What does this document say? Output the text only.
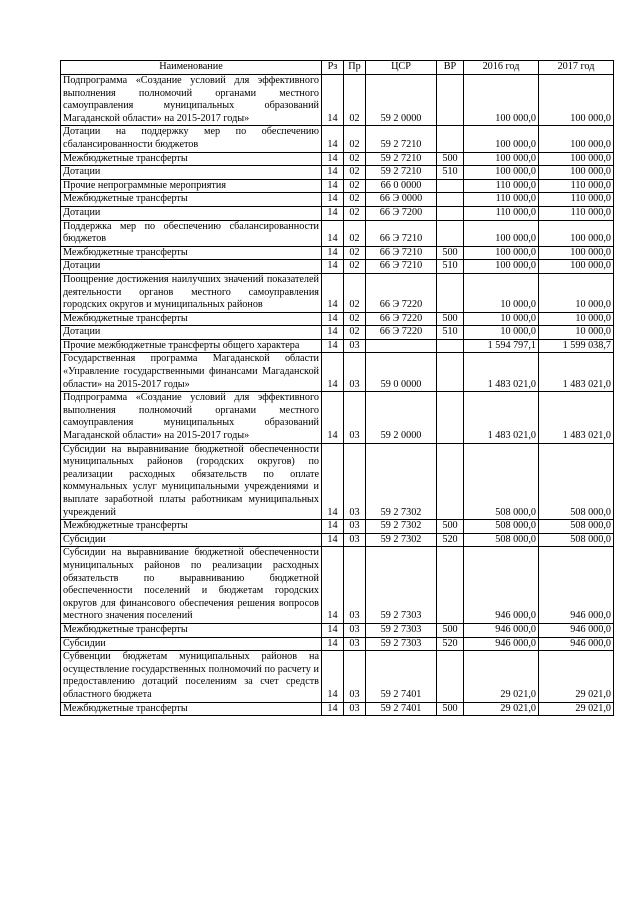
Наименование	Рз	Пр	ЦСР	ВР	2016 год	2017 год
Подпрограмма «Создание условий для эффективного выполнения полномочий органами местного самоуправления муниципальных образований Магаданской области» на 2015-2017 годы»	14	02	59 2 0000		100 000,0	100 000,0
Дотации на поддержку мер по обеспечению сбалансированности бюджетов	14	02	59 2 7210		100 000,0	100 000,0
Межбюджетные трансферты	14	02	59 2 7210	500	100 000,0	100 000,0
Дотации	14	02	59 2 7210	510	100 000,0	100 000,0
Прочие непрограммные мероприятия	14	02	66 0 0000		110 000,0	110 000,0
Межбюджетные трансферты	14	02	66 Э 0000		110 000,0	110 000,0
Дотации	14	02	66 Э 7200		110 000,0	110 000,0
Поддержка мер по обеспечению сбалансированности бюджетов	14	02	66 Э 7210		100 000,0	100 000,0
Межбюджетные трансферты	14	02	66 Э 7210	500	100 000,0	100 000,0
Дотации	14	02	66 Э 7210	510	100 000,0	100 000,0
Поощрение достижения наилучших значений показателей деятельности органов местного самоуправления городских округов и муниципальных районов	14	02	66 Э 7220		10 000,0	10 000,0
Межбюджетные трансферты	14	02	66 Э 7220	500	10 000,0	10 000,0
Дотации	14	02	66 Э 7220	510	10 000,0	10 000,0
Прочие межбюджетные трансферты общего характера	14	03			1 594 797,1	1 599 038,7
Государственная программа Магаданской области «Управление государственными финансами Магаданской области» на 2015-2017 годы»	14	03	59 0 0000		1 483 021,0	1 483 021,0
Подпрограмма «Создание условий для эффективного выполнения полномочий органами местного самоуправления муниципальных образований Магаданской области» на 2015-2017 годы»	14	03	59 2 0000		1 483 021,0	1 483 021,0
Субсидии на выравнивание бюджетной обеспеченности муниципальных районов (городских округов) по реализации расходных обязательств по оплате коммунальных услуг муниципальными учреждениями и выплате заработной платы работникам муниципальных учреждений	14	03	59 2 7302		508 000,0	508 000,0
Межбюджетные трансферты	14	03	59 2 7302	500	508 000,0	508 000,0
Субсидии	14	03	59 2 7302	520	508 000,0	508 000,0
Субсидии на выравнивание бюджетной обеспеченности муниципальных районов по реализации расходных обязательств по выравниванию бюджетной обеспеченности поселений и бюджетам городских округов для финансового обеспечения решения вопросов местного значения поселений	14	03	59 2 7303		946 000,0	946 000,0
Межбюджетные трансферты	14	03	59 2 7303	500	946 000,0	946 000,0
Субсидии	14	03	59 2 7303	520	946 000,0	946 000,0
Субвенции бюджетам муниципальных районов на осуществление государственных полномочий по расчету и предоставлению дотаций поселениям за счет средств областного бюджета	14	03	59 2 7401		29 021,0	29 021,0
Межбюджетные трансферты	14	03	59 2 7401	500	29 021,0	29 021,0
